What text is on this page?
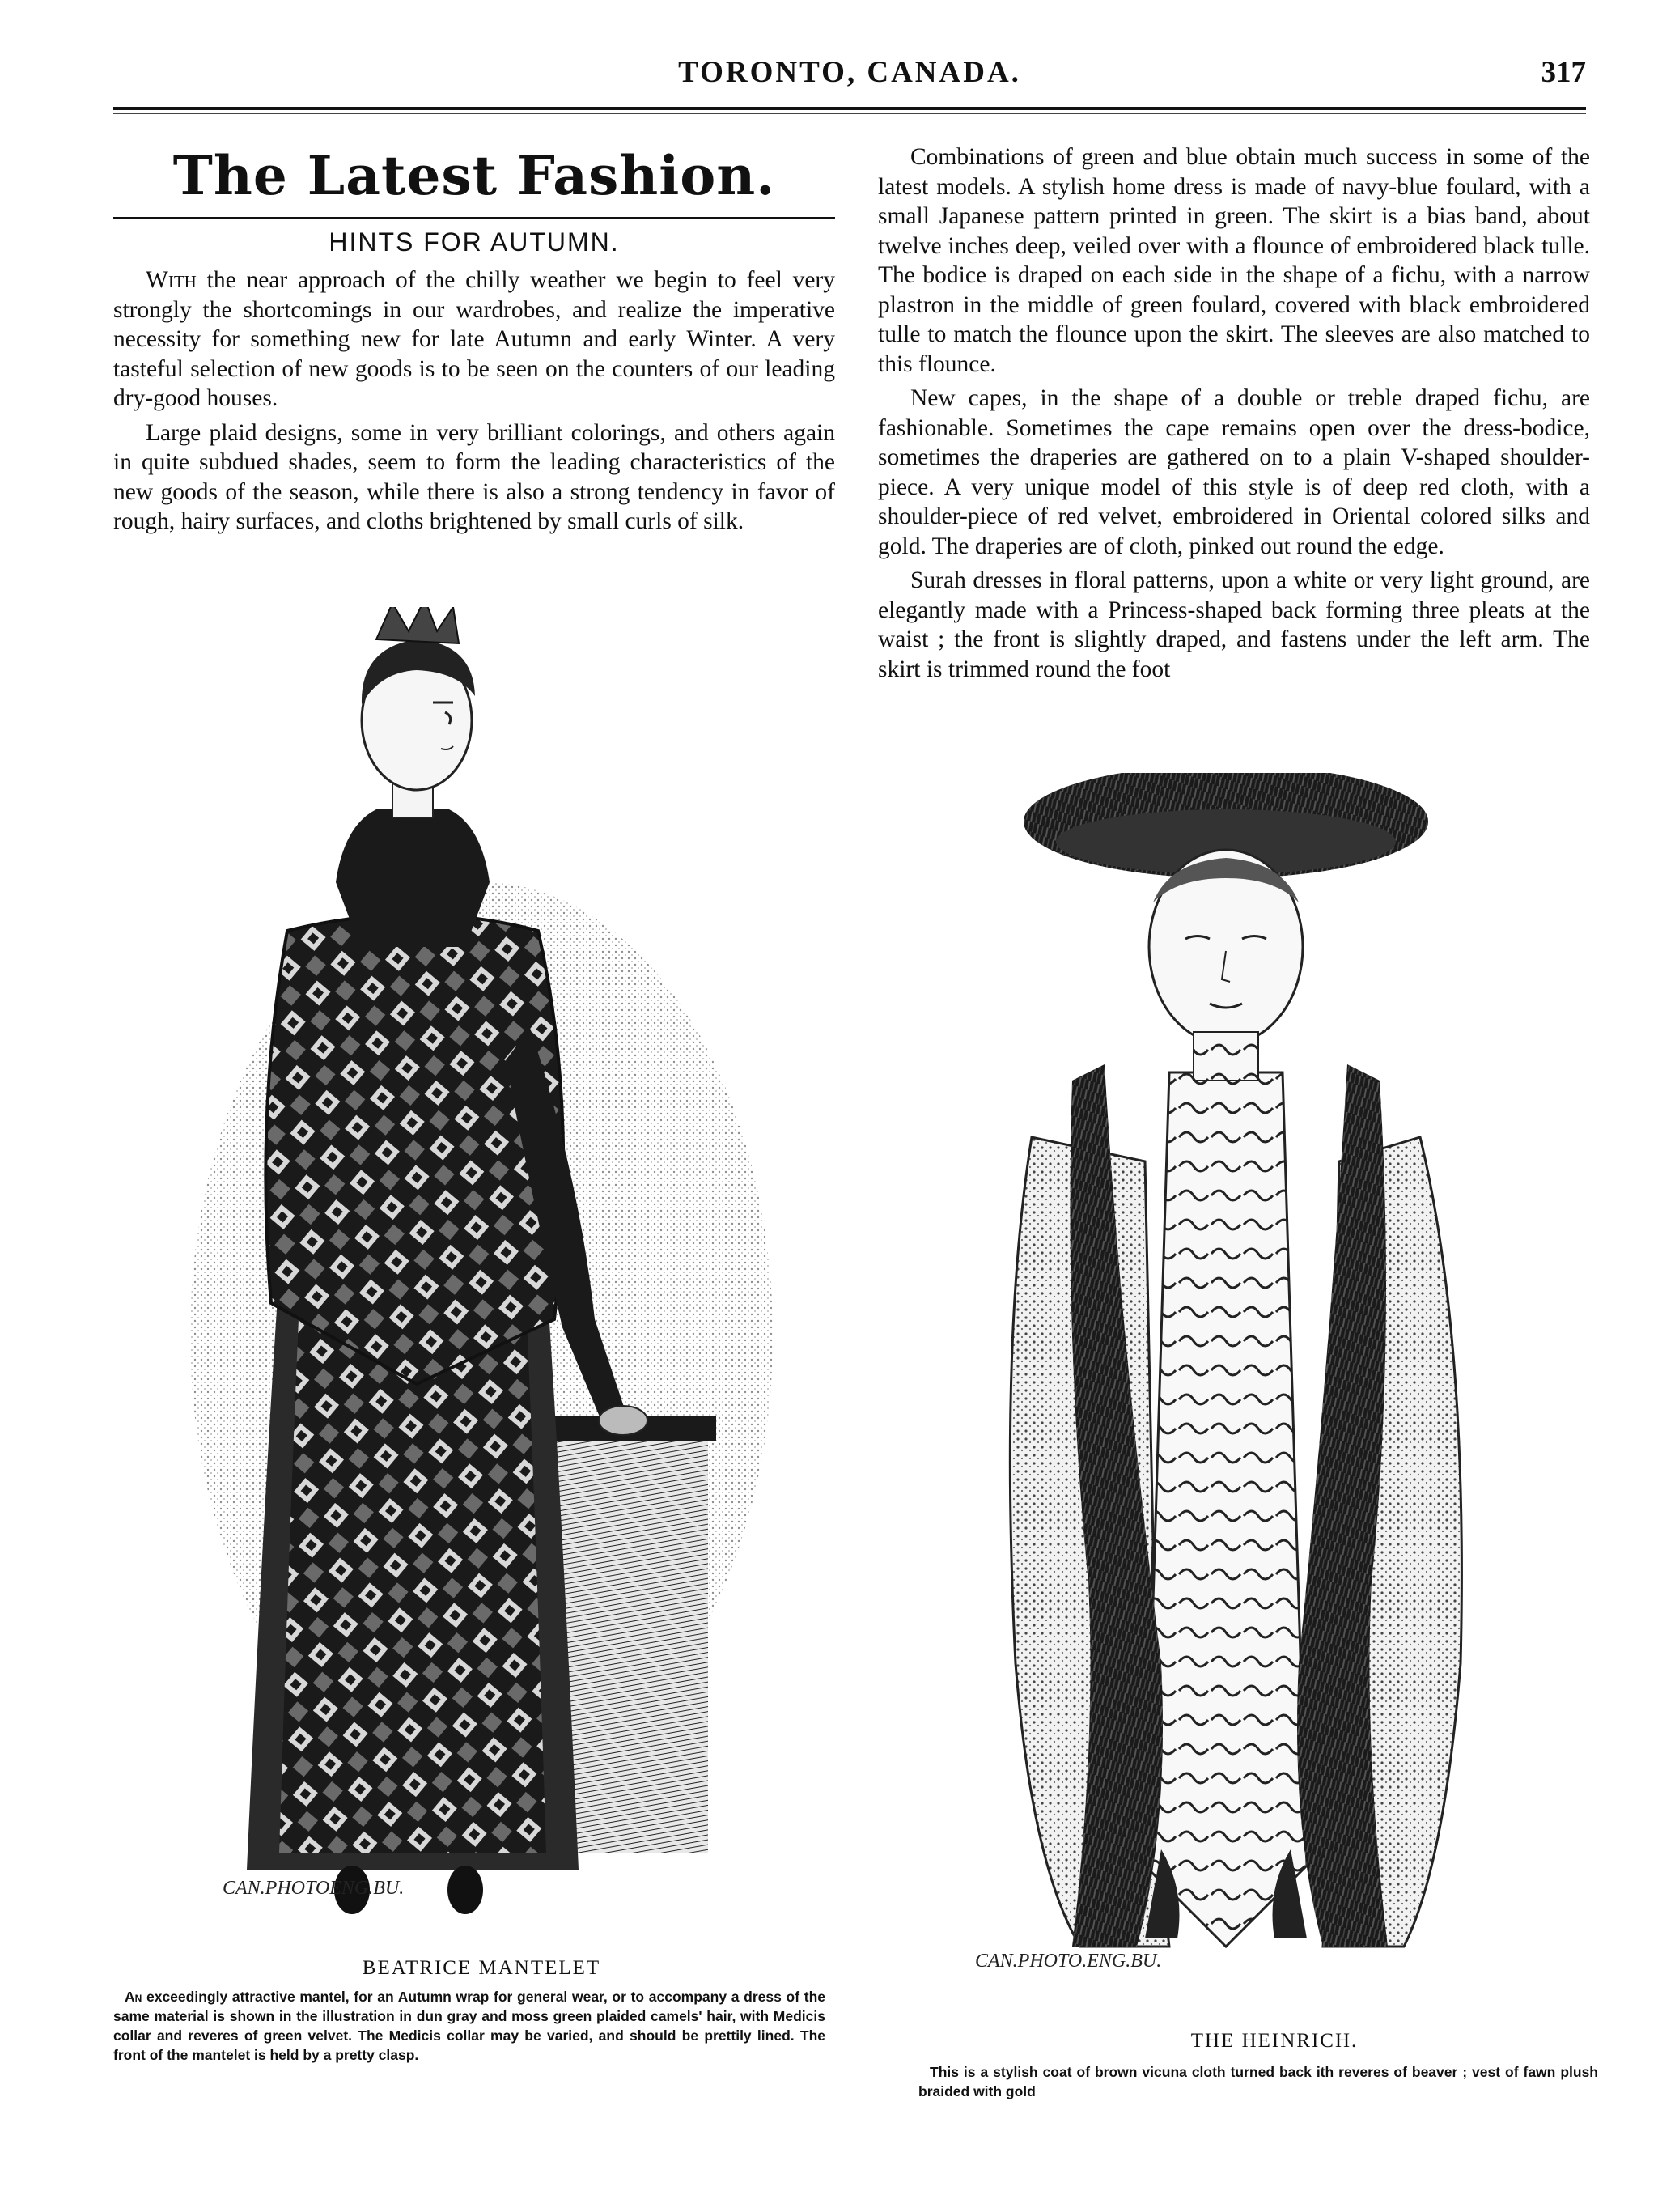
TORONTO, CANADA.	317
The Latest Fashion.
HINTS FOR AUTUMN.

With the near approach of the chilly weather we begin to feel very strongly the shortcomings in our wardrobes, and realize the imperative necessity for something new for late Autumn and early Winter. A very tasteful selection of new goods is to be seen on the counters of our leading dry-good houses.

Large plaid designs, some in very brilliant colorings, and others again in quite subdued shades, seem to form the leading characteristics of the new goods of the season, while there is also a strong tendency in favor of rough, hairy surfaces, and cloths brightened by small curls of silk.

Combinations of green and blue obtain much success in some of the latest models. A stylish home dress is made of navy-blue foulard, with a small Japanese pattern printed in green. The skirt is a bias band, about twelve inches deep, veiled over with a flounce of embroidered black tulle. The bodice is draped on each side in the shape of a fichu, with a narrow plastron in the middle of green foulard, covered with black embroidered tulle to match the flounce upon the skirt. The sleeves are also matched to this flounce.

New capes, in the shape of a double or treble draped fichu, are fashionable. Sometimes the cape remains open over the dress-bodice, sometimes the draperies are gathered on to a plain V-shaped shoulder-piece. A very unique model of this style is of deep red cloth, with a shoulder-piece of red velvet, embroidered in Oriental colored silks and gold. The draperies are of cloth, pinked out round the edge.

Surah dresses in floral patterns, upon a white or very light ground, are elegantly made with a Princess-shaped back forming three pleats at the waist ; the front is slightly draped, and fastens under the left arm. The skirt is trimmed round the foot

CAN.PHOTOENG.BU.
CAN.PHOTO.ENG.BU.
BEATRICE MANTELET
An exceedingly attractive mantel, for an Autumn wrap for general wear, or to accompany a dress of the same material is shown in the illustration in dun gray and moss green plaided camels' hair, with Medicis collar and reveres of green velvet. The Medicis collar may be varied, and should be prettily lined. The front of the mantelet is held by a pretty clasp.
THE HEINRICH.
This is a stylish coat of brown vicuna cloth turned back ith reveres of beaver ; vest of fawn plush braided with gold
